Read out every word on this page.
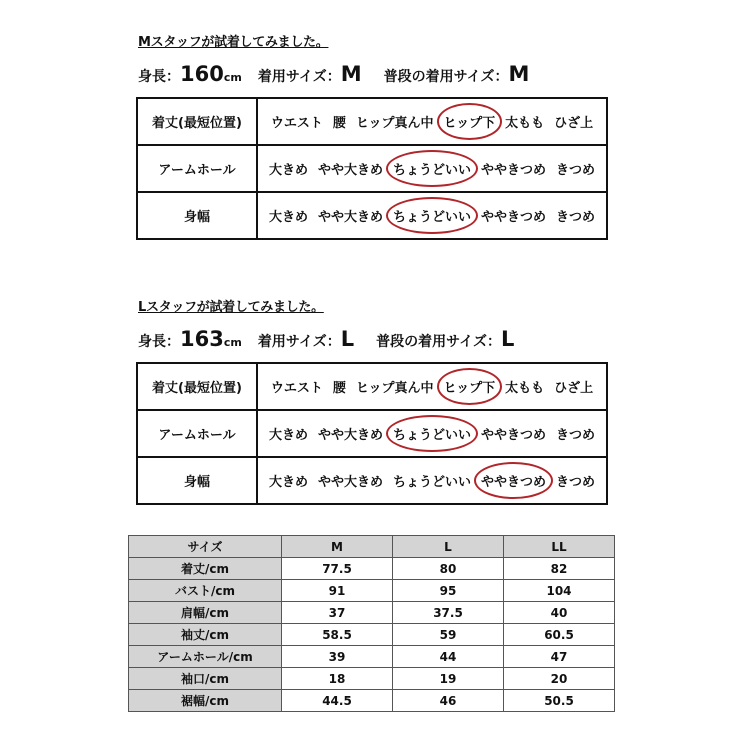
Mスタッフが試着してみました。
身長：160cm 着用サイズ：M 普段の着用サイズ：M
着丈(最短位置)	ウエスト 腰 ヒップ真ん中 ヒップ下 太もも ひざ上
アームホール	大きめ やや大きめ ちょうどいい ややきつめ きつめ
身幅	大きめ やや大きめ ちょうどいい ややきつめ きつめ
Lスタッフが試着してみました。
身長：163cm 着用サイズ：L 普段の着用サイズ：L
着丈(最短位置)	ウエスト 腰 ヒップ真ん中 ヒップ下 太もも ひざ上
アームホール	大きめ やや大きめ ちょうどいい ややきつめ きつめ
身幅	大きめ やや大きめ ちょうどいい ややきつめ きつめ
サイズ	M	L	LL
着丈/cm	77.5	80	82
バスト/cm	91	95	104
肩幅/cm	37	37.5	40
袖丈/cm	58.5	59	60.5
アームホール/cm	39	44	47
袖口/cm	18	19	20
裾幅/cm	44.5	46	50.5
